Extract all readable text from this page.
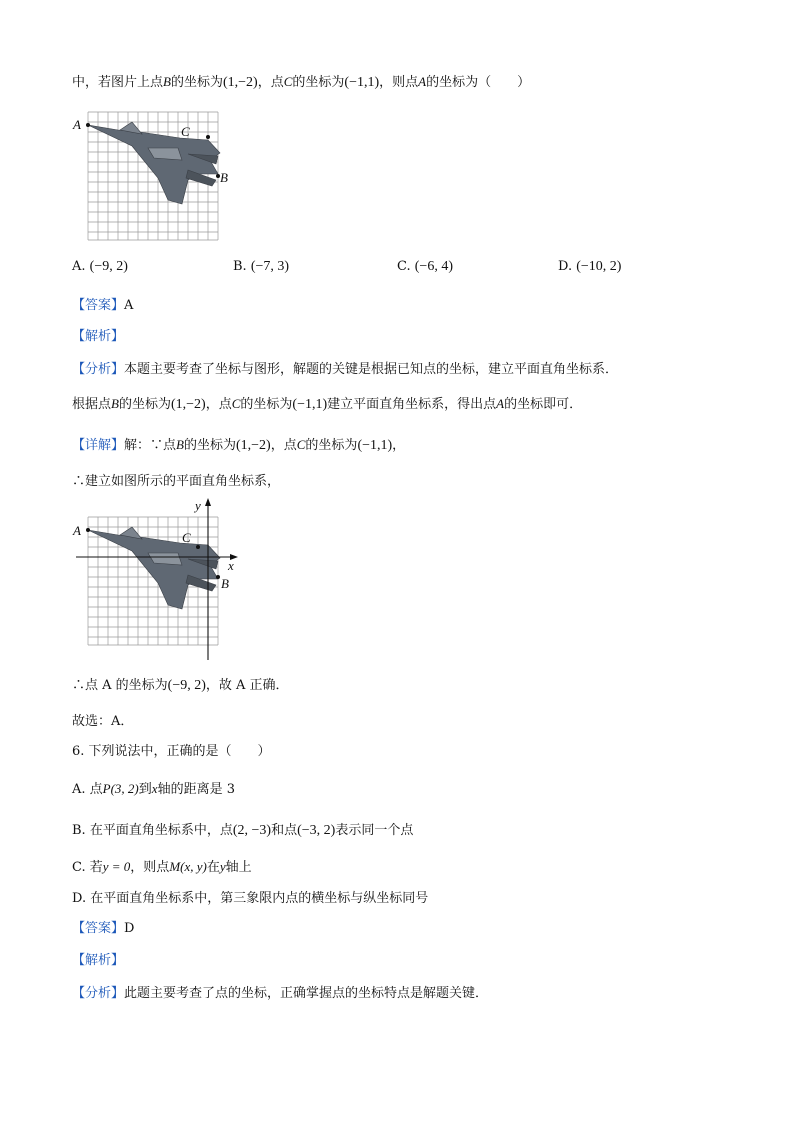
中，若图片上点B的坐标为(1,−2)，点C的坐标为(−1,1)，则点A的坐标为（　　）
A	C
B
A. (−9, 2)	B. (−7, 3)	C. (−6, 4)	D. (−10, 2)
【答案】A
【解析】
【分析】本题主要考查了坐标与图形，解题的关键是根据已知点的坐标，建立平面直角坐标系．
根据点B的坐标为(1,−2)，点C的坐标为(−1,1)建立平面直角坐标系，得出点A的坐标即可．
【详解】解：∵点B的坐标为(1,−2)，点C的坐标为(−1,1)，
∴建立如图所示的平面直角坐标系，
A	C
B
x
y
∴点 A 的坐标为(−9, 2)，故 A 正确．
故选：A．
6. 下列说法中，正确的是（　　）
A. 点P(3, 2)到x轴的距离是 3
B. 在平面直角坐标系中，点(2, −3)和点(−3, 2)表示同一个点
C. 若y = 0，则点M(x, y)在y轴上
D. 在平面直角坐标系中，第三象限内点的横坐标与纵坐标同号
【答案】D
【解析】
【分析】此题主要考查了点的坐标，正确掌握点的坐标特点是解题关键．
